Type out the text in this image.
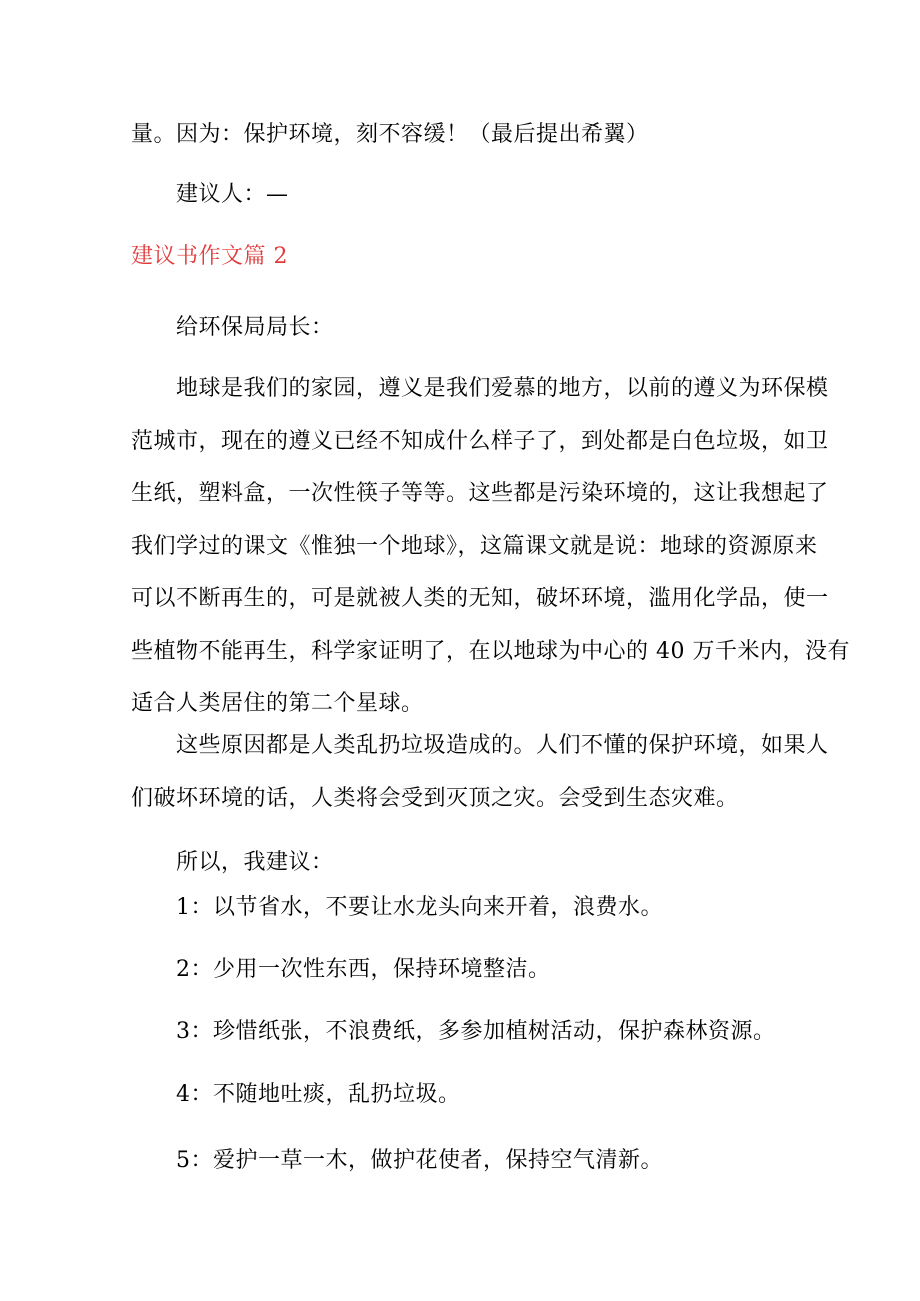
量。因为：保护环境，刻不容缓！（最后提出希翼）
建议人：—
建议书作文篇 2
给环保局局长：
地球是我们的家园，遵义是我们爱慕的地方，以前的遵义为环保模
范城市，现在的遵义已经不知成什么样子了，到处都是白色垃圾，如卫
生纸，塑料盒，一次性筷子等等。这些都是污染环境的，这让我想起了
我们学过的课文《惟独一个地球》，这篇课文就是说：地球的资源原来
可以不断再生的，可是就被人类的无知，破坏环境，滥用化学品，使一
些植物不能再生，科学家证明了，在以地球为中心的 40 万千米内，没有
适合人类居住的第二个星球。
这些原因都是人类乱扔垃圾造成的。人们不懂的保护环境，如果人
们破坏环境的话，人类将会受到灭顶之灾。会受到生态灾难。
所以，我建议：
1：以节省水，不要让水龙头向来开着，浪费水。
2：少用一次性东西，保持环境整洁。
3：珍惜纸张，不浪费纸，多参加植树活动，保护森林资源。
4：不随地吐痰，乱扔垃圾。
5：爱护一草一木，做护花使者，保持空气清新。
